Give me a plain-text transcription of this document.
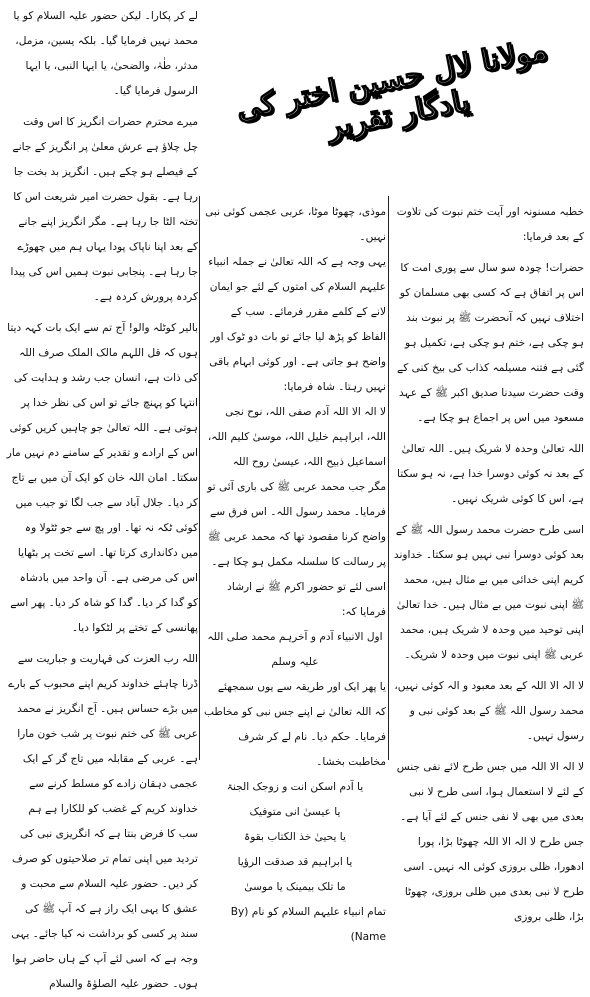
مولانا لال حسین اختر کی یادگار تقریر

خطبہ مسنونہ اور آیت ختم نبوت کی تلاوت کے بعد فرمایا:

حضرات! چودہ سو سال سے پوری امت کا اس پر اتفاق ہے کہ کسی بھی مسلمان کو اختلاف نہیں کہ آنحضرت ﷺ پر نبوت بند ہو چکی ہے، ختم ہو چکی ہے، تکمیل ہو گئی ہے فتنہ مسیلمہ کذاب کی بیخ کنی کے وقت حضرت سیدنا صدیق اکبر ﷺ کے عہد مسعود میں اس پر اجماع ہو چکا ہے۔

اللہ تعالیٰ وحدہ لا شریک ہیں۔ اللہ تعالیٰ کے بعد نہ کوئی دوسرا خدا ہے، نہ ہو سکتا ہے، اس کا کوئی شریک نہیں۔

اسی طرح حضرت محمد رسول اللہ ﷺ کے بعد کوئی دوسرا نبی نہیں ہو سکتا۔ خداوند کریم اپنی خدائی میں بے مثال ہیں، محمد ﷺ اپنی نبوت میں بے مثال ہیں۔ خدا تعالیٰ اپنی توحید میں وحدہ لا شریک ہیں، محمد عربی ﷺ اپنی نبوت میں وحدہ لا شریک۔

لا الہ الا اللہ کے بعد معبود و الہ کوئی نہیں، محمد رسول اللہ ﷺ کے بعد کوئی نبی و رسول نہیں۔

لا الہ الا اللہ میں جس طرح لائے نفی جنس کے لئے لا استعمال ہوا، اسی طرح لا نبی بعدی میں بھی لا نفی جنس کے لئے آیا ہے۔ جس طرح لا الہ الا اللہ چھوٹا بڑا، پورا ادھورا، ظلی بروزی کوئی الہ نہیں۔ اسی طرح لا نبی بعدی میں ظلی بروزی، چھوٹا بڑا، ظلی بروزی

موذی، چھوٹا موٹا، عربی عجمی کوئی نبی نہیں۔

یہی وجہ ہے کہ اللہ تعالیٰ نے جملہ انبیاء علیہم السلام کی امتوں کے لئے جو ایمان لانے کے کلمے مقرر فرمائے۔ سب کے الفاظ کو پڑھ لیا جائے تو بات دو ٹوک اور واضح ہو جاتی ہے۔ اور کوئی ابہام باقی نہیں رہتا۔ شاہ فرمایا:

لا الہ الا اللہ آدم صفی اللہ، نوح نجی اللہ، ابراہیم خلیل اللہ، موسیٰ کلیم اللہ، اسماعیل ذبیح اللہ، عیسیٰ روح اللہ

مگر جب محمد عربی ﷺ کی باری آئی تو فرمایا۔ محمد رسول اللہ۔ اس فرق سے واضح کرنا مقصود تھا کہ محمد عربی ﷺ پر رسالت کا سلسلہ مکمل ہو چکا ہے۔ اسی لئے تو حضور اکرم ﷺ نے ارشاد فرمایا کہ:

اول الانبیاء آدم و آخرہم محمد صلی اللہ علیہ وسلم

یا پھر ایک اور طریقہ سے یوں سمجھئے کہ اللہ تعالیٰ نے اپنے جس نبی کو مخاطب فرمایا۔ حکم دیا۔ نام لے کر شرف مخاطبت بخشا۔

یا آدم اسکن انت و زوجک الجنۃ

یا عیسیٰ انی متوفیک

یا یحییٰ خذ الکتاب بقوۃ

یا ابراہیم قد صدقت الرؤیا

ما تلک بیمینک یا موسیٰ

تمام انبیاء علیہم السلام کو نام (By Name)

لے کر پکارا۔ لیکن حضور علیہ السلام کو یا محمد نہیں فرمایا گیا۔ بلکہ یسین، مزمل، مدثر، طٰہٰ، والضحیٰ، یا ایہا النبی، یا ایہا الرسول فرمایا گیا۔

میرے محترم حضرات انگریز کا اس وقت چل چلاؤ ہے عرش معلیٰ پر انگریز کے جانے کے فیصلے ہو چکے ہیں۔ انگریز بد بخت جا رہا ہے۔ بقول حضرت امیر شریعت اس کا تختہ الٹا جا رہا ہے۔ مگر انگریز اپنے جانے کے بعد اپنا ناپاک پودا یہاں ہم میں چھوڑے جا رہا ہے۔ پنجابی نبوت ہمیں اس کی پیدا کردہ پرورش کردہ ہے۔

بالیر کوٹلہ والو! آج تم سے ایک بات کہہ دیتا ہوں کہ قل اللہم مالک الملک صرف اللہ کی ذات ہے، انسان جب رشد و ہدایت کی انتہا کو پہنچ جائے تو اس کی نظر خدا پر ہوتی ہے۔ اللہ تعالیٰ جو چاہیں کریں کوئی اس کے ارادے و تقدیر کے سامنے دم نہیں مار سکتا۔ امان اللہ خان کو ایک آن میں بے تاج کر دیا۔ جلال آباد سے جب لگا تو جیب میں کوئی ٹکہ نہ تھا۔ اور پچ سے جو ٹٹولا وہ میں دکانداری کرتا تھا۔ اسے تخت پر بٹھایا اس کی مرضی ہے۔ آن واحد میں بادشاہ کو گدا کر دیا۔ گدا کو شاہ کر دیا۔ پھر اسے پھانسی کے تختے پر لٹکوا دیا۔

اللہ رب العزت کی قہاریت و جباریت سے ڈرنا چاہئے خداوند کریم اپنے محبوب کے بارے میں بڑے حساس ہیں۔ آج انگریز نے محمد عربی ﷺ کی ختم نبوت پر شب خون مارا ہے۔ عربی کے مقابلہ میں تاج گر کے ایک عجمی دہقان زادے کو مسلط کرنے سے خداوند کریم کے غضب کو للکارا ہے ہم سب کا فرض بنتا ہے کہ انگریزی نبی کی تردید میں اپنی تمام تر صلاحیتوں کو صرف کر دیں۔ حضور علیہ السلام سے محبت و عشق کا یہی ایک راز ہے کہ آپ ﷺ کی سند پر کسی کو برداشت نہ کیا جائے۔ یہی وجہ ہے کہ اسی لئے آپ کے ہاں حاضر ہوا ہوں۔ حضور علیہ الصلوٰۃ والسلام
